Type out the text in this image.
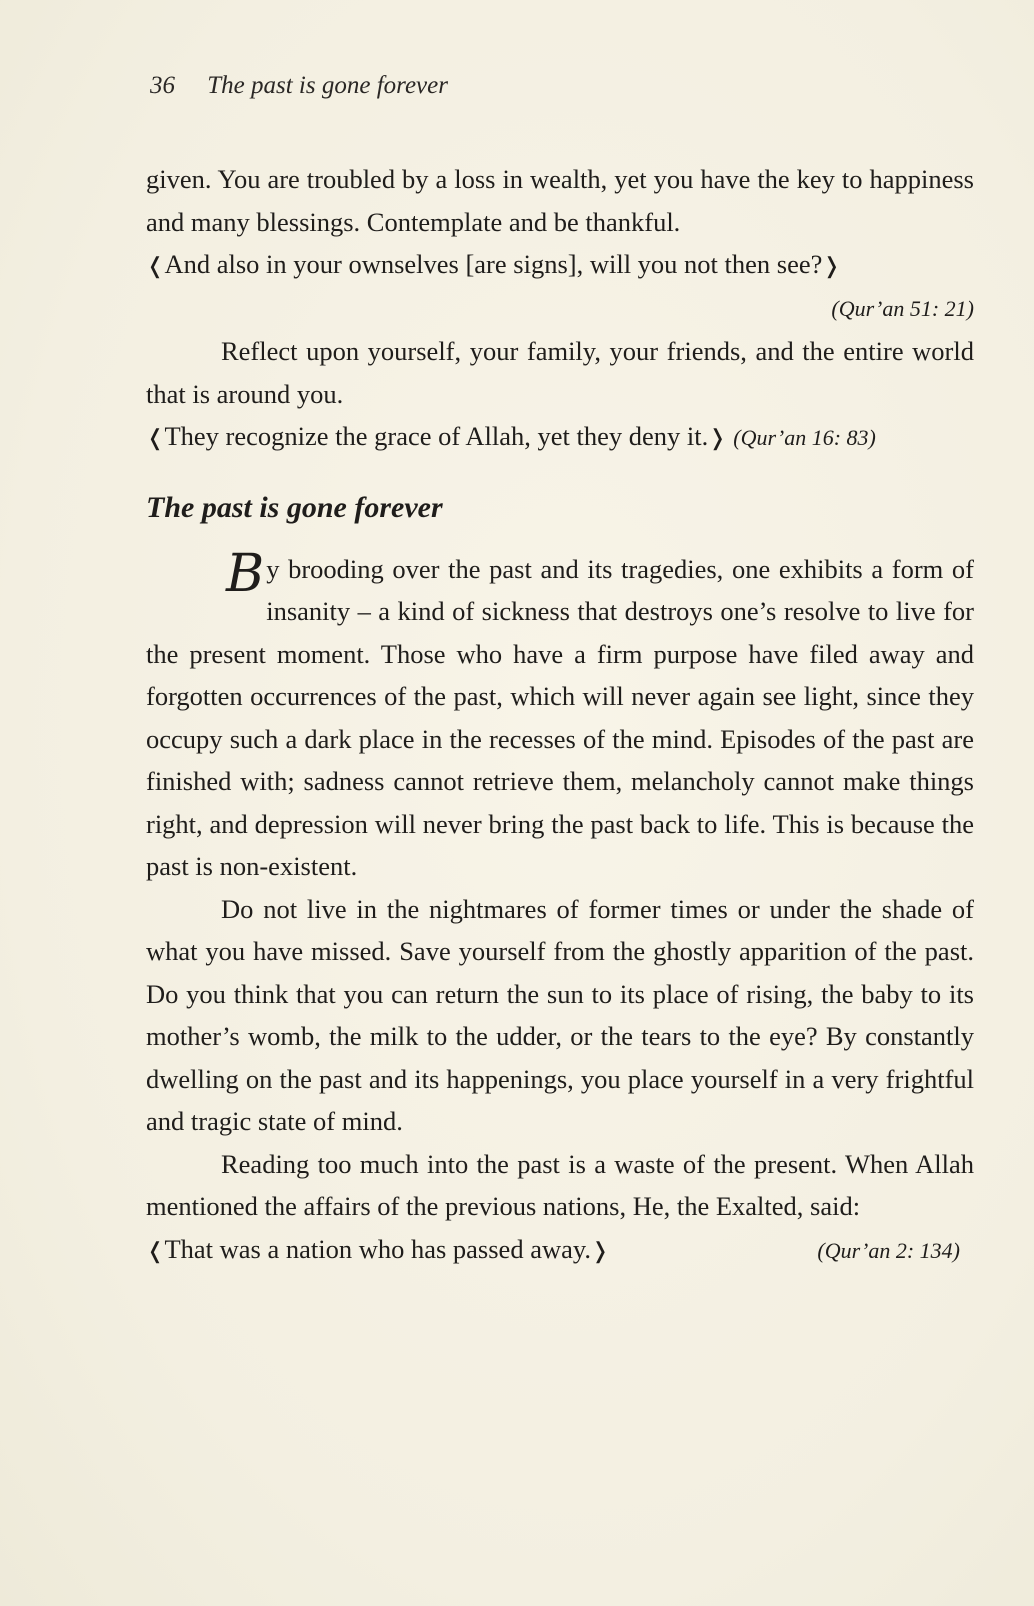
36 The past is gone forever

given. You are troubled by a loss in wealth, yet you have the key to happiness and many blessings. Contemplate and be thankful.

❬And also in your ownselves [are signs], will you not then see?❭

(Qur’an 51: 21)

Reflect upon yourself, your family, your friends, and the entire world that is around you.

❬They recognize the grace of Allah, yet they deny it.❭ (Qur’an 16: 83)

The past is gone forever

By brooding over the past and its tragedies, one exhibits a form of insanity – a kind of sickness that destroys one’s resolve to live for the present moment. Those who have a firm purpose have filed away and forgotten occurrences of the past, which will never again see light, since they occupy such a dark place in the recesses of the mind. Episodes of the past are finished with; sadness cannot retrieve them, melancholy cannot make things right, and depression will never bring the past back to life. This is because the past is non-existent.

Do not live in the nightmares of former times or under the shade of what you have missed. Save yourself from the ghostly apparition of the past. Do you think that you can return the sun to its place of rising, the baby to its mother’s womb, the milk to the udder, or the tears to the eye? By constantly dwelling on the past and its happenings, you place yourself in a very frightful and tragic state of mind.

Reading too much into the past is a waste of the present. When Allah mentioned the affairs of the previous nations, He, the Exalted, said:

❬That was a nation who has passed away.❭	(Qur’an 2: 134)
